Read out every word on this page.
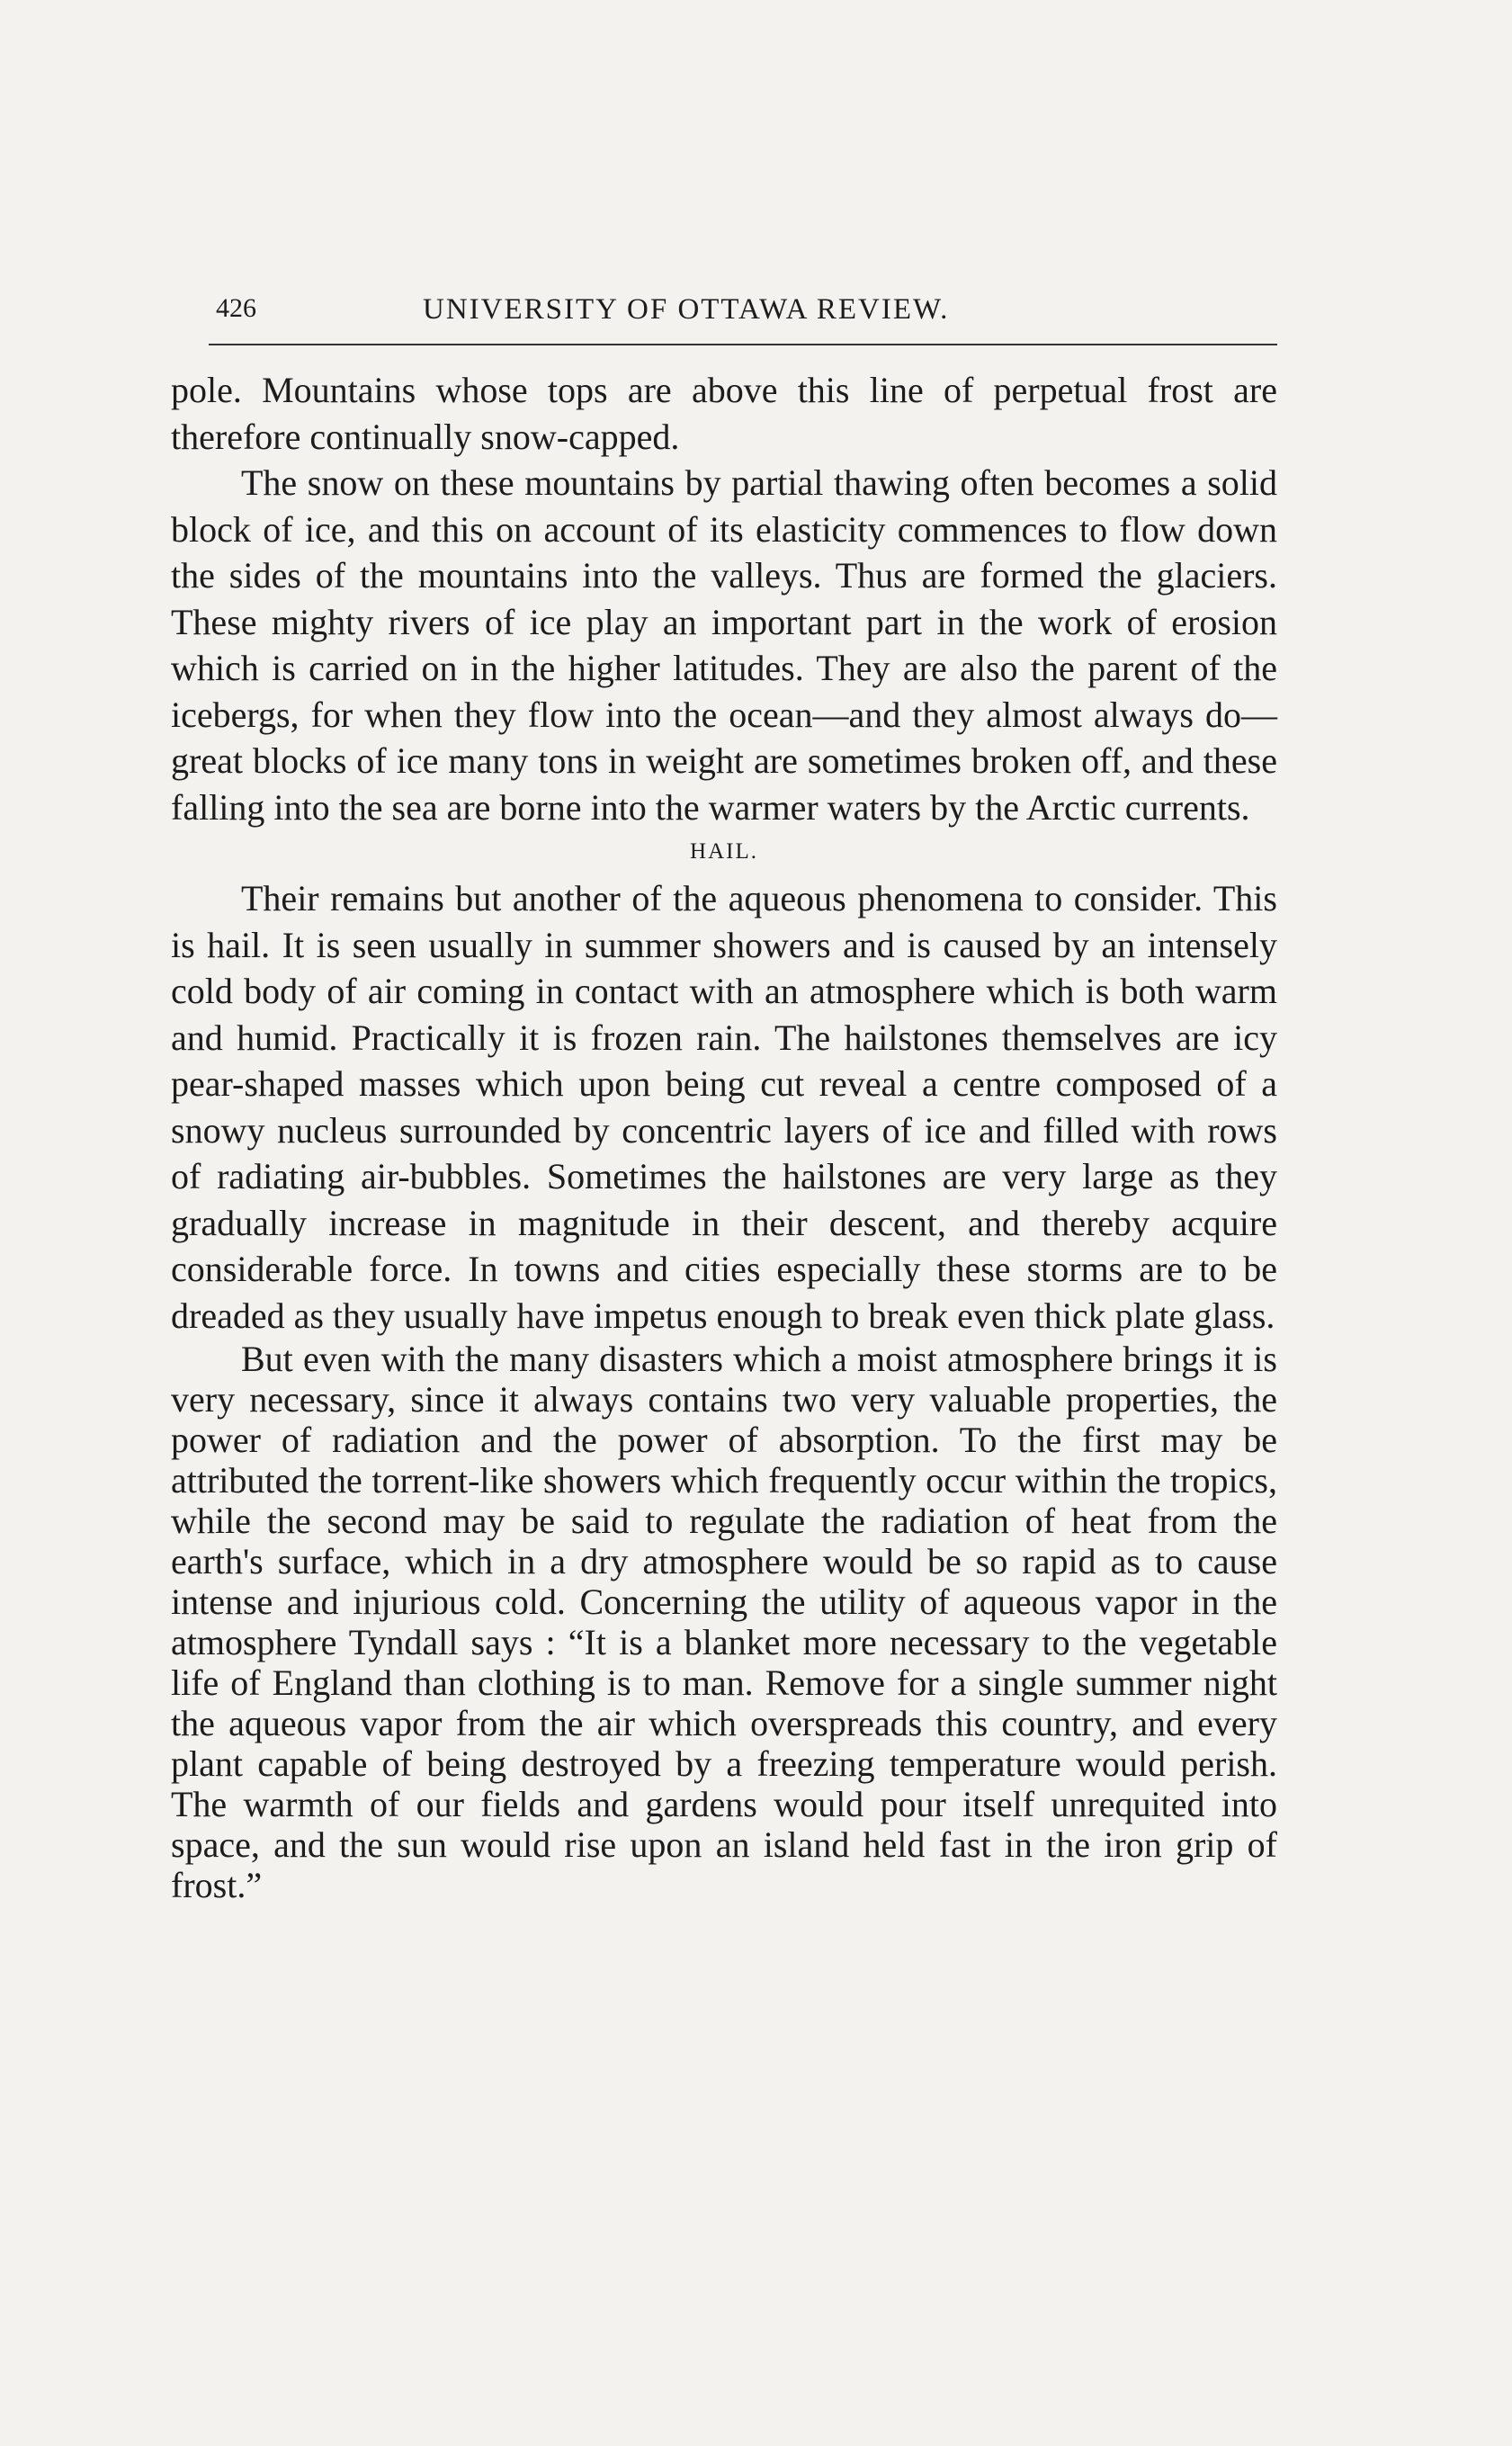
426	UNIVERSITY OF OTTAWA REVIEW.

pole. Mountains whose tops are above this line of perpetual frost are therefore continually snow-capped.

The snow on these mountains by partial thawing often becomes a solid block of ice, and this on account of its elasticity commences to flow down the sides of the mountains into the valleys. Thus are formed the glaciers. These mighty rivers of ice play an important part in the work of erosion which is carried on in the higher latitudes. They are also the parent of the icebergs, for when they flow into the ocean—and they almost always do—great blocks of ice many tons in weight are sometimes broken off, and these falling into the sea are borne into the warmer waters by the Arctic currents.

HAIL.

Their remains but another of the aqueous phenomena to consider. This is hail. It is seen usually in summer showers and is caused by an intensely cold body of air coming in contact with an atmosphere which is both warm and humid. Practically it is frozen rain. The hailstones themselves are icy pear-shaped masses which upon being cut reveal a centre composed of a snowy nucleus surrounded by concentric layers of ice and filled with rows of radiating air-bubbles. Sometimes the hailstones are very large as they gradually increase in magnitude in their descent, and thereby acquire considerable force. In towns and cities especially these storms are to be dreaded as they usually have impetus enough to break even thick plate glass.

But even with the many disasters which a moist atmosphere brings it is very necessary, since it always contains two very valuable properties, the power of radiation and the power of absorption. To the first may be attributed the torrent-like showers which frequently occur within the tropics, while the second may be said to regulate the radiation of heat from the earth's surface, which in a dry atmosphere would be so rapid as to cause intense and injurious cold. Concerning the utility of aqueous vapor in the atmosphere Tyndall says : “It is a blanket more necessary to the vegetable life of England than clothing is to man. Remove for a single summer night the aqueous vapor from the air which overspreads this country, and every plant capable of being destroyed by a freezing temperature would perish. The warmth of our fields and gardens would pour itself unrequited into space, and the sun would rise upon an island held fast in the iron grip of frost.”
